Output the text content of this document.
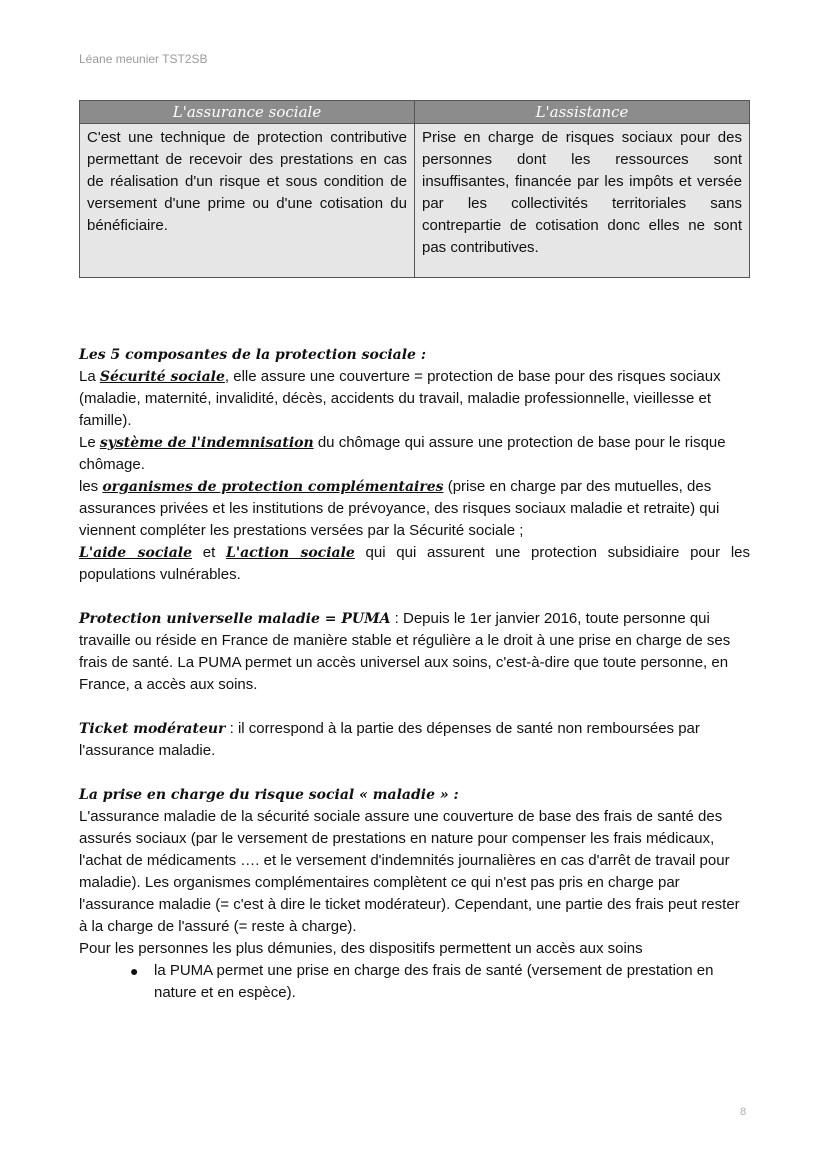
Léane meunier TST2SB
L'assurance sociale	L'assistance
C'est une technique de protection contributive permettant de recevoir des prestations en cas de réalisation d'un risque et sous condition de versement d'une prime ou d'une cotisation du bénéficiaire.	Prise en charge de risques sociaux pour des personnes dont les ressources sont insuffisantes, financée par les impôts et versée par les collectivités territoriales sans contrepartie de cotisation donc elles ne sont pas contributives.

Les 5 composantes de la protection sociale :

La Sécurité sociale, elle assure une couverture = protection de base pour des risques sociaux (maladie, maternité, invalidité, décès, accidents du travail, maladie professionnelle, vieillesse et famille).

Le système de l'indemnisation du chômage qui assure une protection de base pour le risque chômage.

les organismes de protection complémentaires (prise en charge par des mutuelles, des assurances privées et les institutions de prévoyance, des risques sociaux maladie et retraite) qui viennent compléter les prestations versées par la Sécurité sociale ;

L'aide sociale et L'action sociale qui qui assurent une protection subsidiaire pour les populations vulnérables.

Protection universelle maladie = PUMA : Depuis le 1er janvier 2016, toute personne qui travaille ou réside en France de manière stable et régulière a le droit à une prise en charge de ses frais de santé. La PUMA permet un accès universel aux soins, c'est-à-dire que toute personne, en France, a accès aux soins.

Ticket modérateur : il correspond à la partie des dépenses de santé non remboursées par l'assurance maladie.

La prise en charge du risque social « maladie » :

L'assurance maladie de la sécurité sociale assure une couverture de base des frais de santé des assurés sociaux (par le versement de prestations en nature pour compenser les frais médicaux, l'achat de médicaments …. et le versement d'indemnités journalières en cas d'arrêt de travail pour maladie). Les organismes complémentaires complètent ce qui n'est pas pris en charge par l'assurance maladie (= c'est à dire le ticket modérateur). Cependant, une partie des frais peut rester à la charge de l'assuré (= reste à charge).

Pour les personnes les plus démunies, des dispositifs permettent un accès aux soins

● la PUMA permet une prise en charge des frais de santé (versement de prestation en nature et en espèce).
8
